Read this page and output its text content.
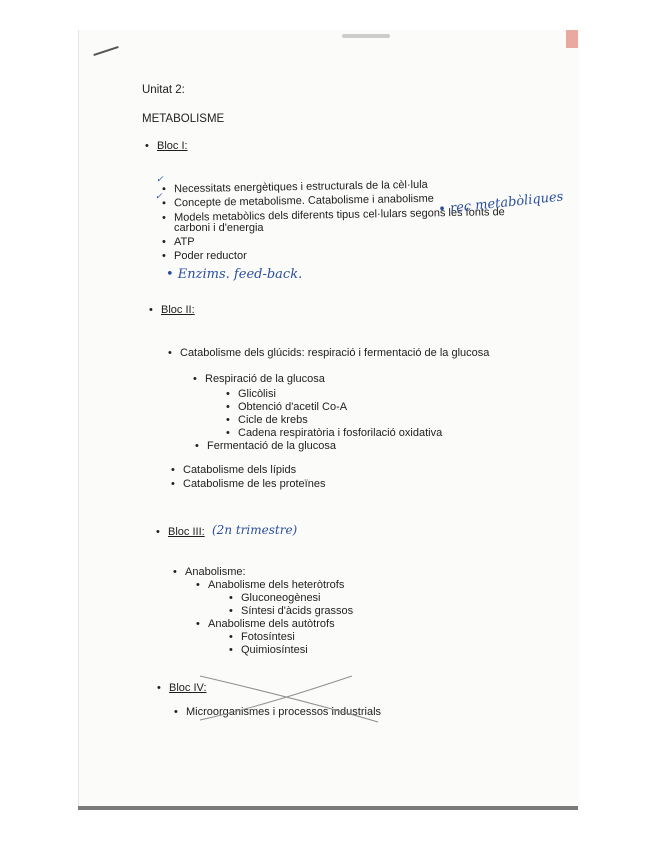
Unitat 2:
METABOLISME
• Bloc I:
• Necessitats energètiques i estructurals de la cèl·lula
• Concepte de metabolisme. Catabolisme i anabolisme
• Models metabòlics dels diferents tipus cel·lulars segons les fonts de
carboni i d'energia
• ATP
• Poder reductor
✓
✓	• rec metabòliques
• Enzims. feed-back.
• Bloc II:
• Catabolisme dels glúcids: respiració i fermentació de la glucosa
• Respiració de la glucosa
• Glicòlisi
• Obtenció d'acetil Co-A
• Cicle de krebs
• Cadena respiratòria i fosforilació oxidativa
• Fermentació de la glucosa
• Catabolisme dels lípids
• Catabolisme de les proteïnes
• Bloc III: (2n trimestre)
• Anabolisme:
• Anabolisme dels heteròtrofs
• Gluconeogènesi
• Síntesi d'àcids grassos
• Anabolisme dels autòtrofs
• Fotosíntesi
• Quimiosíntesi
• Bloc IV:
• Microorganismes i processos industrials
